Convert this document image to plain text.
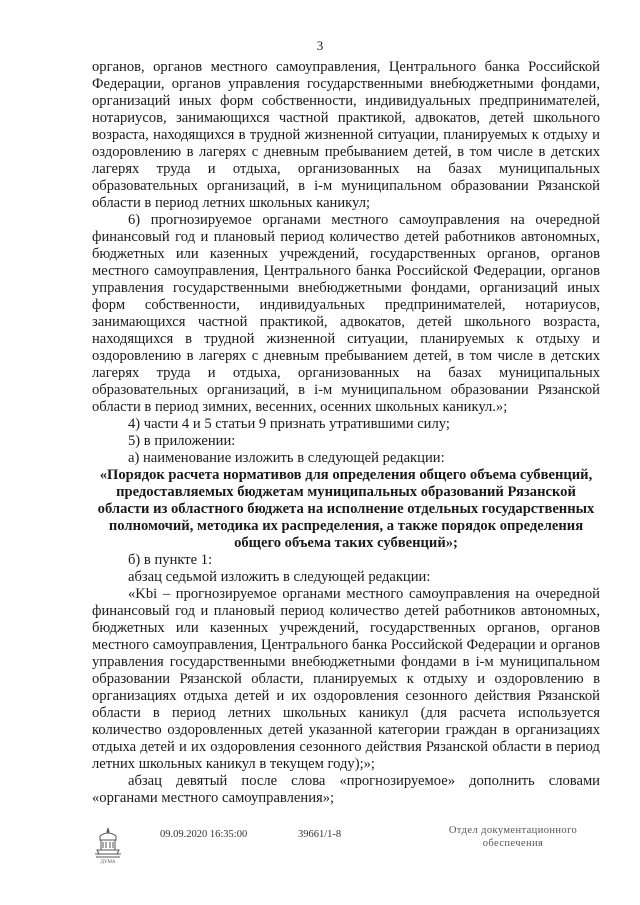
3

органов, органов местного самоуправления, Центрального банка Российской Федерации, органов управления государственными внебюджетными фондами, организаций иных форм собственности, индивидуальных предпринимателей, нотариусов, занимающихся частной практикой, адвокатов, детей школьного возраста, находящихся в трудной жизненной ситуации, планируемых к отдыху и оздоровлению в лагерях с дневным пребыванием детей, в том числе в детских лагерях труда и отдыха, организованных на базах муниципальных образовательных организаций, в i-м муниципальном образовании Рязанской области в период летних школьных каникул;

6) прогнозируемое органами местного самоуправления на очередной финансовый год и плановый период количество детей работников автономных, бюджетных или казенных учреждений, государственных органов, органов местного самоуправления, Центрального банка Российской Федерации, органов управления государственными внебюджетными фондами, организаций иных форм собственности, индивидуальных предпринимателей, нотариусов, занимающихся частной практикой, адвокатов, детей школьного возраста, находящихся в трудной жизненной ситуации, планируемых к отдыху и оздоровлению в лагерях с дневным пребыванием детей, в том числе в детских лагерях труда и отдыха, организованных на базах муниципальных образовательных организаций, в i-м муниципальном образовании Рязанской области в период зимних, весенних, осенних школьных каникул.»;

4) части 4 и 5 статьи 9 признать утратившими силу;

5) в приложении:

а) наименование изложить в следующей редакции:

«Порядок расчета нормативов для определения общего объема субвенций, предоставляемых бюджетам муниципальных образований Рязанской области из областного бюджета на исполнение отдельных государственных полномочий, методика их распределения, а также порядок определения общего объема таких субвенций»;

б) в пункте 1:

абзац седьмой изложить в следующей редакции:

«Kbi – прогнозируемое органами местного самоуправления на очередной финансовый год и плановый период количество детей работников автономных, бюджетных или казенных учреждений, государственных органов, органов местного самоуправления, Центрального банка Российской Федерации и органов управления государственными внебюджетными фондами в i-м муниципальном образовании Рязанской области, планируемых к отдыху и оздоровлению в организациях отдыха детей и их оздоровления сезонного действия Рязанской области в период летних школьных каникул (для расчета используется количество оздоровленных детей указанной категории граждан в организациях отдыха детей и их оздоровления сезонного действия Рязанской области в период летних школьных каникул в текущем году);»;

абзац девятый после слова «прогнозируемое» дополнить словами «органами местного самоуправления»;

ДУМА
09.09.2020 16:35:00	39661/1-8	Отдел документационного
обеспечения
